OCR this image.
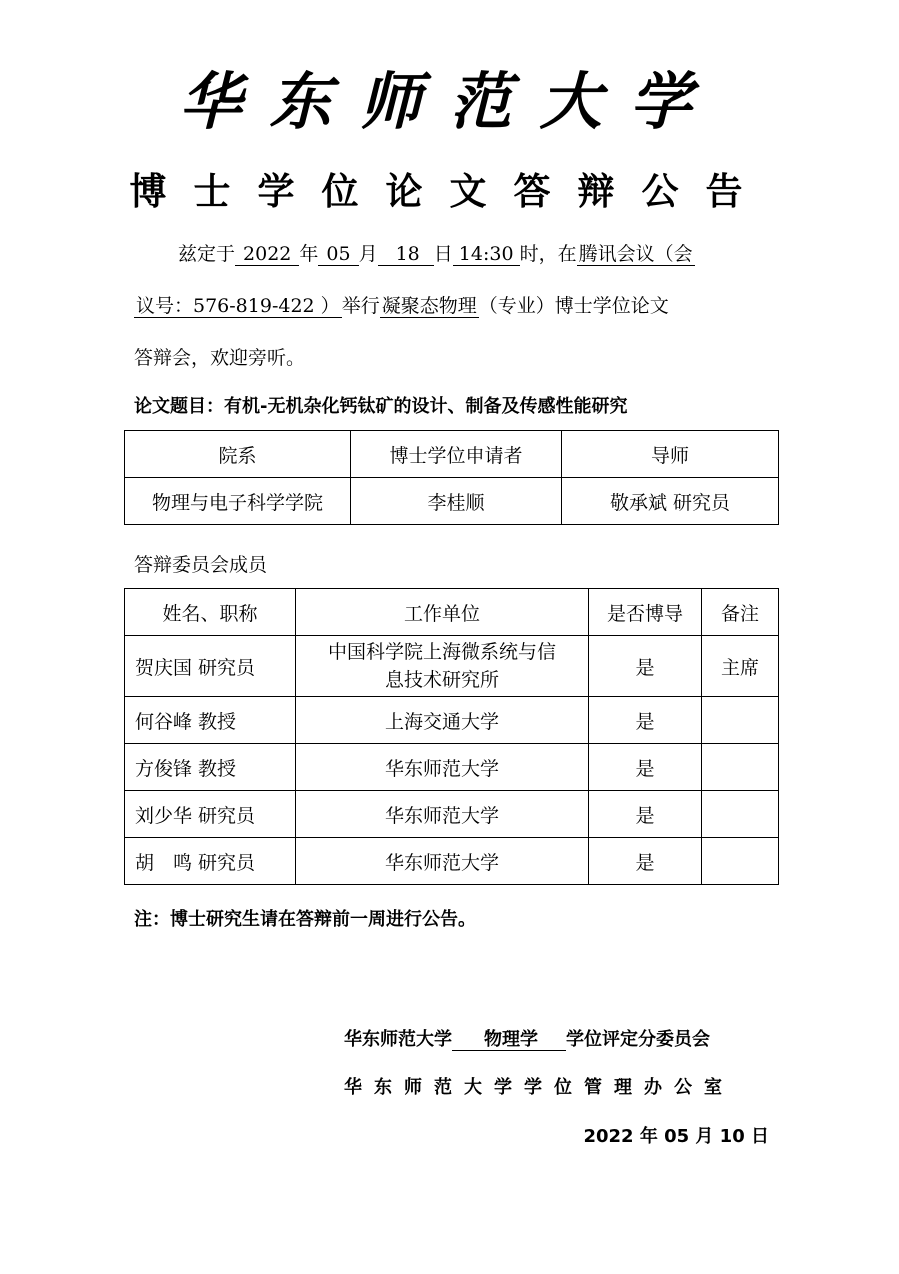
华东师范大学
博士学位论文答辩公告
兹定于 2022 年 05 月 18 日 14:30 时，在 腾讯会议（会
议号：576-819-422 ） 举行 凝聚态物理 （专业）博士学位论文
答辩会，欢迎旁听。
论文题目：有机-无机杂化钙钛矿的设计、制备及传感性能研究
院系	博士学位申请者	导师
物理与电子科学学院	李桂顺	敬承斌 研究员
答辩委员会成员
姓名、职称	工作单位	是否博导	备注
贺庆国 研究员	中国科学院上海微系统与信
息技术研究所	是	主席
何谷峰 教授	上海交通大学	是	
方俊锋 教授	华东师范大学	是	
刘少华 研究员	华东师范大学	是	
胡　鸣 研究员	华东师范大学	是	
注：博士研究生请在答辩前一周进行公告。
华东师范大学 物理学 学位评定分委员会
华东师范大学学位管理办公室
2022 年 05 月 10 日
